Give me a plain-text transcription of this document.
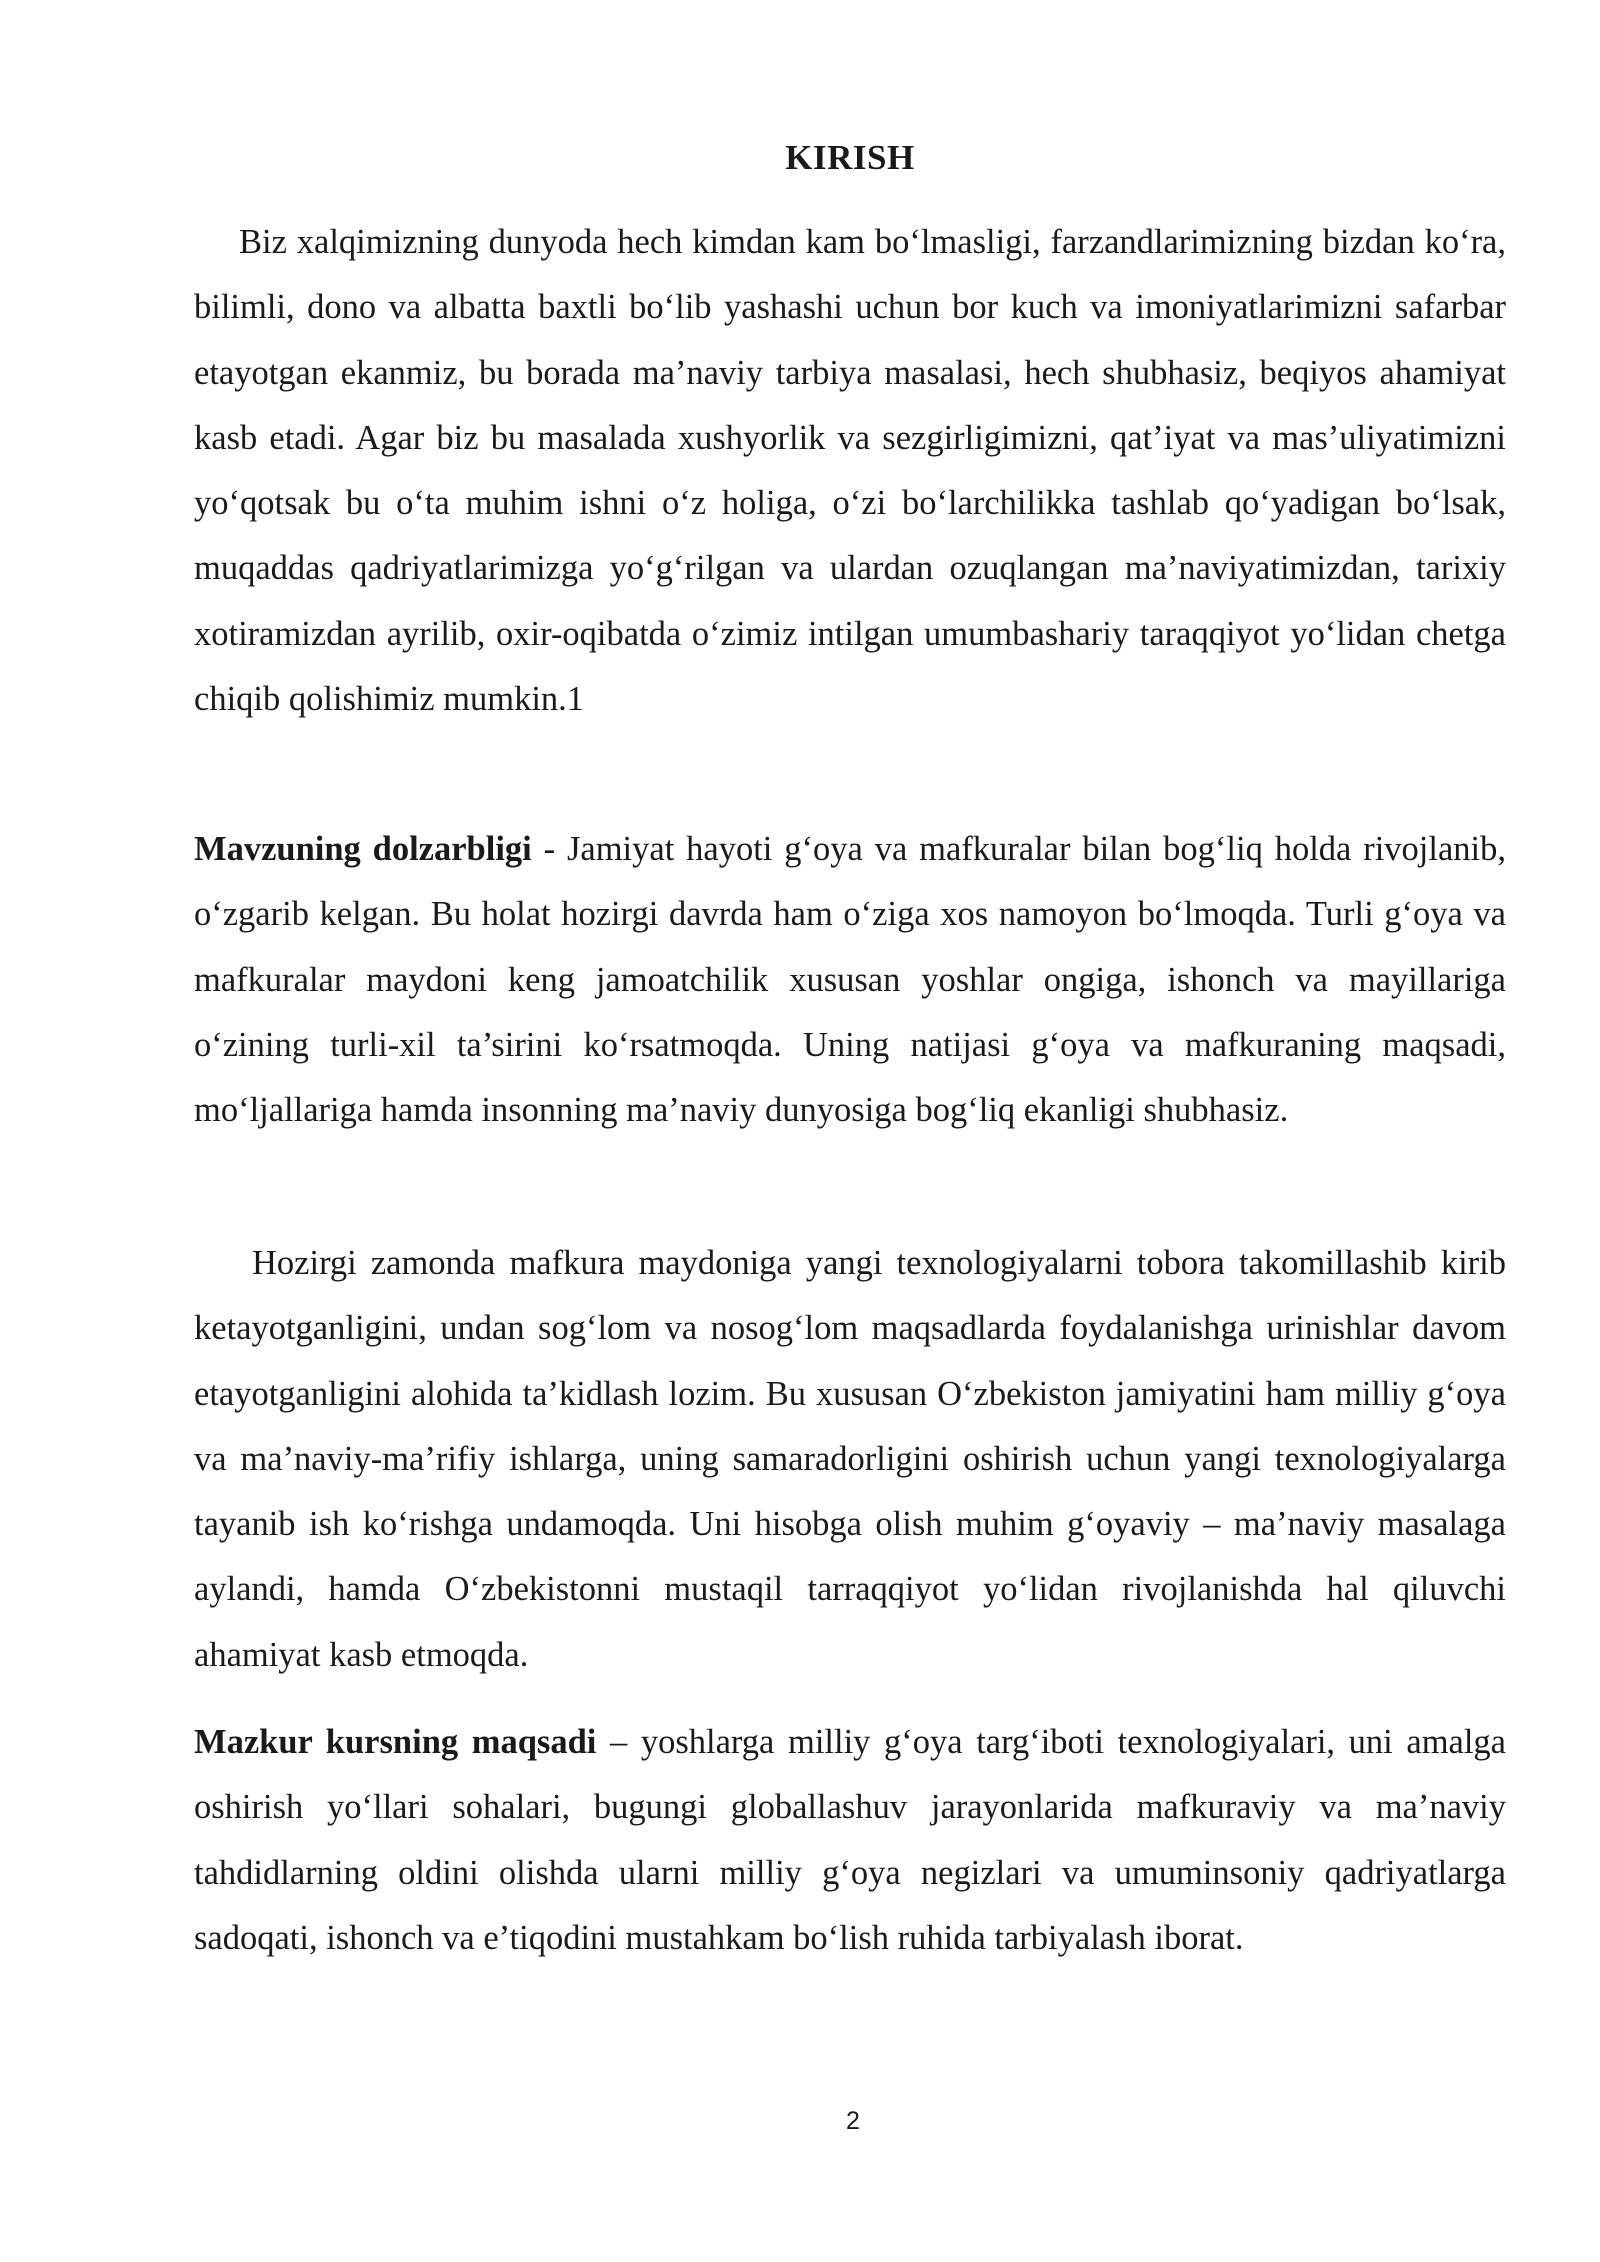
KIRISH

Biz xalqimizning dunyoda hech kimdan kam bo‘lmasligi, farzandlarimizning bizdan ko‘ra, bilimli, dono va albatta baxtli bo‘lib yashashi uchun bor kuch va imoniyatlarimizni safarbar etayotgan ekanmiz, bu borada ma’naviy tarbiya masalasi, hech shubhasiz, beqiyos ahamiyat kasb etadi. Agar biz bu masalada xushyorlik va sezgirligimizni, qat’iyat va mas’uliyatimizni yo‘qotsak bu o‘ta muhim ishni o‘z holiga, o‘zi bo‘larchilikka tashlab qo‘yadigan bo‘lsak, muqaddas qadriyatlarimizga yo‘g‘rilgan va ulardan ozuqlangan ma’naviyatimizdan, tarixiy xotiramizdan ayrilib, oxir-oqibatda o‘zimiz intilgan umumbashariy taraqqiyot yo‘lidan chetga chiqib qolishimiz mumkin.1

Mavzuning dolzarbligi - Jamiyat hayoti g‘oya va mafkuralar bilan bog‘liq holda rivojlanib, o‘zgarib kelgan. Bu holat hozirgi davrda ham o‘ziga xos namoyon bo‘lmoqda. Turli g‘oya va mafkuralar maydoni keng jamoatchilik xususan yoshlar ongiga, ishonch va mayillariga o‘zining turli-xil ta’sirini ko‘rsatmoqda. Uning natijasi g‘oya va mafkuraning maqsadi, mo‘ljallariga hamda insonning ma’naviy dunyosiga bog‘liq ekanligi shubhasiz.

Hozirgi zamonda mafkura maydoniga yangi texnologiyalarni tobora takomillashib kirib ketayotganligini, undan sog‘lom va nosog‘lom maqsadlarda foydalanishga urinishlar davom etayotganligini alohida ta’kidlash lozim. Bu xususan O‘zbekiston jamiyatini ham milliy g‘oya va ma’naviy-ma’rifiy ishlarga, uning samaradorligini oshirish uchun yangi texnologiyalarga tayanib ish ko‘rishga undamoqda. Uni hisobga olish muhim g‘oyaviy – ma’naviy masalaga aylandi, hamda O‘zbekistonni mustaqil tarraqqiyot yo‘lidan rivojlanishda hal qiluvchi ahamiyat kasb etmoqda.

Mazkur kursning maqsadi – yoshlarga milliy g‘oya targ‘iboti texnologiyalari, uni amalga oshirish yo‘llari sohalari, bugungi globallashuv jarayonlarida mafkuraviy va ma’naviy tahdidlarning oldini olishda ularni milliy g‘oya negizlari va umuminsoniy qadriyatlarga sadoqati, ishonch va e’tiqodini mustahkam bo‘lish ruhida tarbiyalash iborat.

2
